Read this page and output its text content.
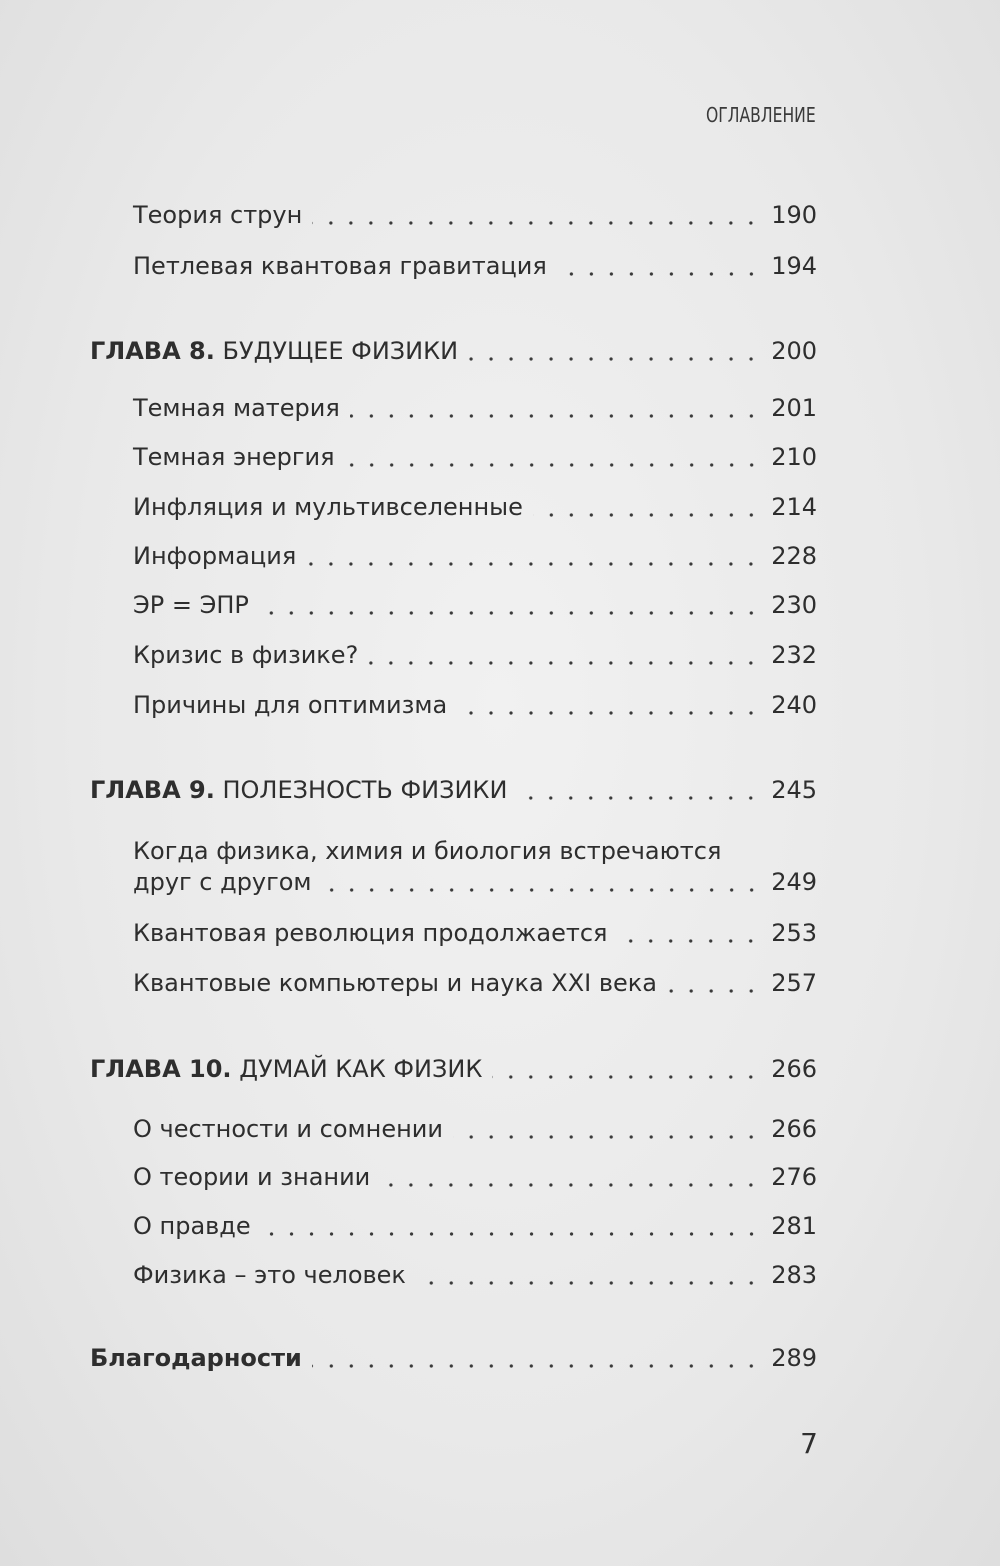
ОГЛАВЛЕНИЕ
Теория струн	190
Петлевая квантовая гравитация	194
ГЛАВА 8. БУДУЩЕЕ ФИЗИКИ	200
Темная материя	201
Темная энергия	210
Инфляция и мультивселенные	214
Информация	228
ЭР = ЭПР	230
Кризис в физике?	232
Причины для оптимизма	240
ГЛАВА 9. ПОЛЕЗНОСТЬ ФИЗИКИ	245
Когда физика, химия и биология встречаются
друг с другом	249
Квантовая революция продолжается	253
Квантовые компьютеры и наука XXI века	257
ГЛАВА 10. ДУМАЙ КАК ФИЗИК	266
О честности и сомнении	266
О теории и знании	276
О правде	281
Физика – это человек	283
Благодарности	289
7
